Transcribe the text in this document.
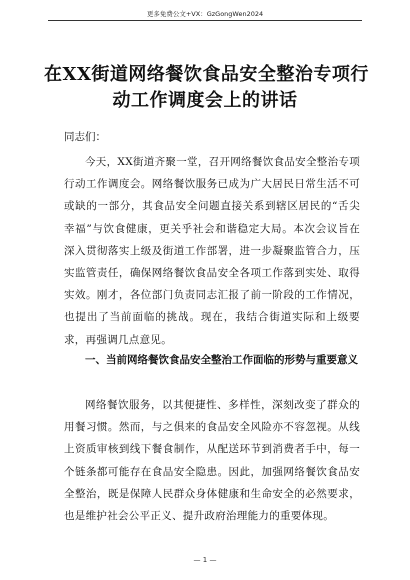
更多免费公文+VX：GzGongWen2024
在XX街道网络餐饮食品安全整治专项行
动工作调度会上的讲话
同志们：
今天，XX街道齐聚一堂，召开网络餐饮食品安全整治专项行动工作调度会。网络餐饮服务已成为广大居民日常生活不可或缺的一部分，其食品安全问题直接关系到辖区居民的“舌尖幸福”与饮食健康，更关乎社会和谐稳定大局。本次会议旨在深入贯彻落实上级及街道工作部署，进一步凝聚监管合力，压实监管责任，确保网络餐饮食品安全各项工作落到实处、取得实效。刚才，各位部门负责同志汇报了前一阶段的工作情况，也提出了当前面临的挑战。现在，我结合街道实际和上级要求，再强调几点意见。
一、当前网络餐饮食品安全整治工作面临的形势与重要意义
网络餐饮服务，以其便捷性、多样性，深刻改变了群众的用餐习惯。然而，与之俱来的食品安全风险亦不容忽视。从线上资质审核到线下餐食制作，从配送环节到消费者手中，每一个链条都可能存在食品安全隐患。因此，加强网络餐饮食品安全整治，既是保障人民群众身体健康和生命安全的必然要求，也是维护社会公平正义、提升政府治理能力的重要体现。
— 1 —
